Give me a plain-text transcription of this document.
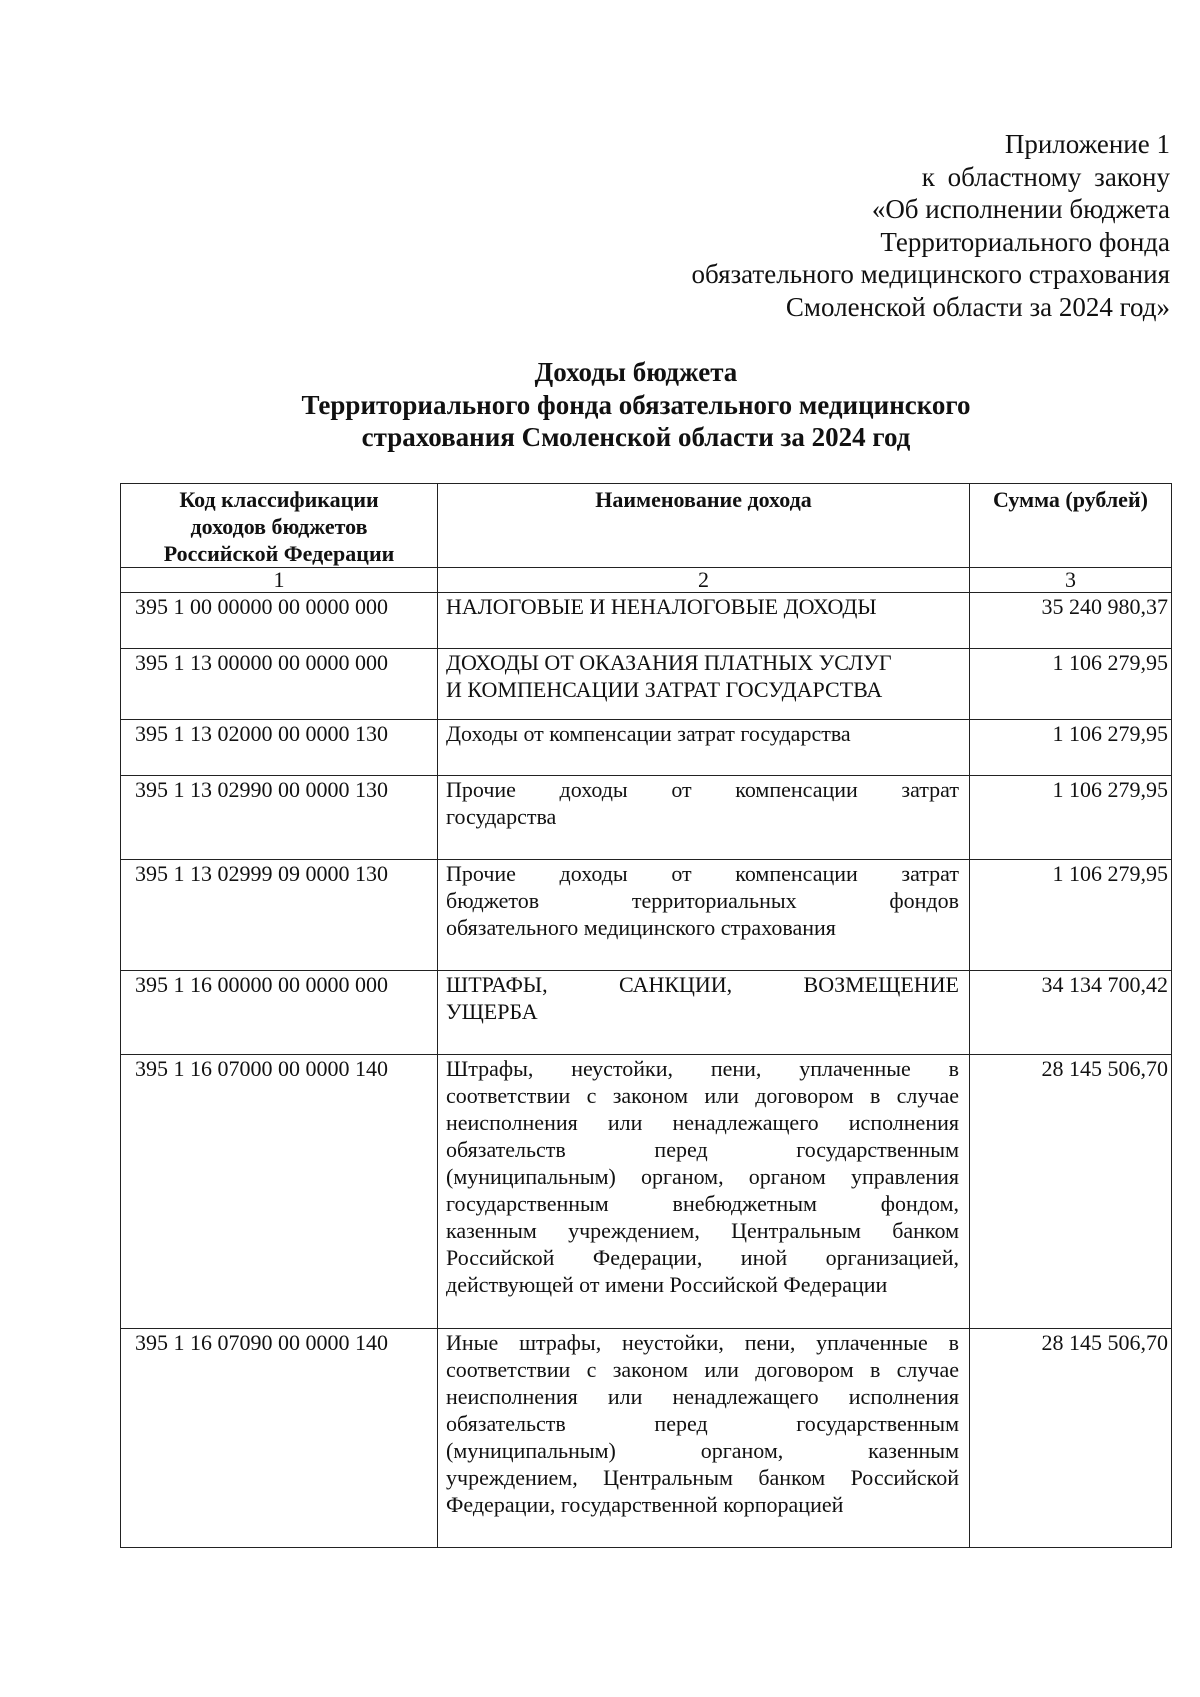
Приложение 1
к областному закону
«Об исполнении бюджета
Территориального фонда
обязательного медицинского страхования
Смоленской области за 2024 год»
Доходы бюджета
Территориального фонда обязательного медицинского
страхования Смоленской области за 2024 год
Код классификации
доходов бюджетов
Российской Федерации	Наименование дохода	Сумма (рублей)
1	2	3
395 1 00 00000 00 0000 000	НАЛОГОВЫЕ И НЕНАЛОГОВЫЕ ДОХОДЫ	35 240 980,37
395 1 13 00000 00 0000 000	ДОХОДЫ ОТ ОКАЗАНИЯ ПЛАТНЫХ УСЛУГ
И КОМПЕНСАЦИИ ЗАТРАТ ГОСУДАРСТВА	1 106 279,95
395 1 13 02000 00 0000 130	Доходы от компенсации затрат государства	1 106 279,95
395 1 13 02990 00 0000 130	Прочие доходы от компенсации затрат
государства	1 106 279,95
395 1 13 02999 09 0000 130	Прочие доходы от компенсации затрат
бюджетов территориальных фондов
обязательного медицинского страхования	1 106 279,95
395 1 16 00000 00 0000 000	ШТРАФЫ, САНКЦИИ, ВОЗМЕЩЕНИЕ
УЩЕРБА	34 134 700,42
395 1 16 07000 00 0000 140	Штрафы, неустойки, пени, уплаченные в
соответствии с законом или договором в случае
неисполнения или ненадлежащего исполнения
обязательств перед государственным
(муниципальным) органом, органом управления
государственным внебюджетным фондом,
казенным учреждением, Центральным банком
Российской Федерации, иной организацией,
действующей от имени Российской Федерации
	28 145 506,70
395 1 16 07090 00 0000 140	Иные штрафы, неустойки, пени, уплаченные в
соответствии с законом или договором в случае
неисполнения или ненадлежащего исполнения
обязательств перед государственным
(муниципальным) органом, казенным
учреждением, Центральным банком Российской
Федерации, государственной корпорацией
	28 145 506,70
